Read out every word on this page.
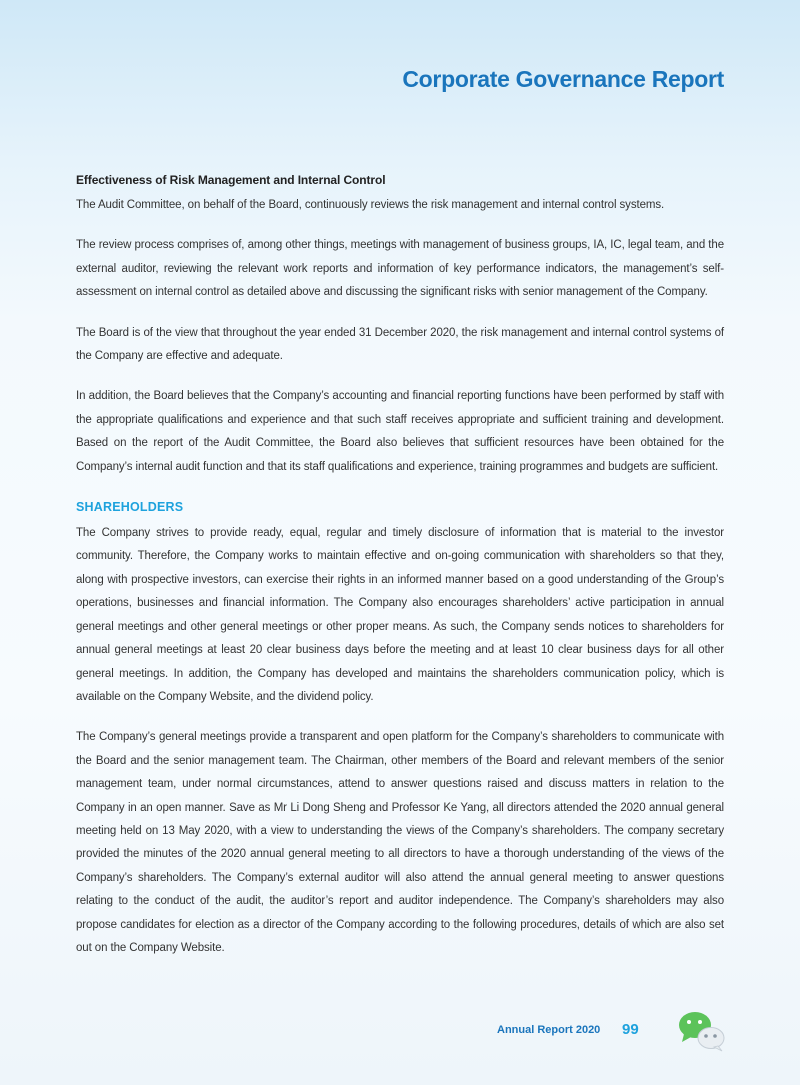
Corporate Governance Report
Effectiveness of Risk Management and Internal Control

The Audit Committee, on behalf of the Board, continuously reviews the risk management and internal control systems.

The review process comprises of, among other things, meetings with management of business groups, IA, IC, legal team, and the external auditor, reviewing the relevant work reports and information of key performance indicators, the management’s self-assessment on internal control as detailed above and discussing the significant risks with senior management of the Company.

The Board is of the view that throughout the year ended 31 December 2020, the risk management and internal control systems of the Company are effective and adequate.

In addition, the Board believes that the Company’s accounting and financial reporting functions have been performed by staff with the appropriate qualifications and experience and that such staff receives appropriate and sufficient training and development. Based on the report of the Audit Committee, the Board also believes that sufficient resources have been obtained for the Company’s internal audit function and that its staff qualifications and experience, training programmes and budgets are sufficient.

SHAREHOLDERS

The Company strives to provide ready, equal, regular and timely disclosure of information that is material to the investor community. Therefore, the Company works to maintain effective and on-going communication with shareholders so that they, along with prospective investors, can exercise their rights in an informed manner based on a good understanding of the Group’s operations, businesses and financial information. The Company also encourages shareholders’ active participation in annual general meetings and other general meetings or other proper means. As such, the Company sends notices to shareholders for annual general meetings at least 20 clear business days before the meeting and at least 10 clear business days for all other general meetings. In addition, the Company has developed and maintains the shareholders communication policy, which is available on the Company Website, and the dividend policy.

The Company’s general meetings provide a transparent and open platform for the Company’s shareholders to communicate with the Board and the senior management team. The Chairman, other members of the Board and relevant members of the senior management team, under normal circumstances, attend to answer questions raised and discuss matters in relation to the Company in an open manner. Save as Mr Li Dong Sheng and Professor Ke Yang, all directors attended the 2020 annual general meeting held on 13 May 2020, with a view to understanding the views of the Company’s shareholders. The company secretary provided the minutes of the 2020 annual general meeting to all directors to have a thorough understanding of the views of the Company’s shareholders. The Company’s external auditor will also attend the annual general meeting to answer questions relating to the conduct of the audit, the auditor’s report and auditor independence. The Company’s shareholders may also propose candidates for election as a director of the Company according to the following procedures, details of which are also set out on the Company Website.

Annual Report 2020 99
